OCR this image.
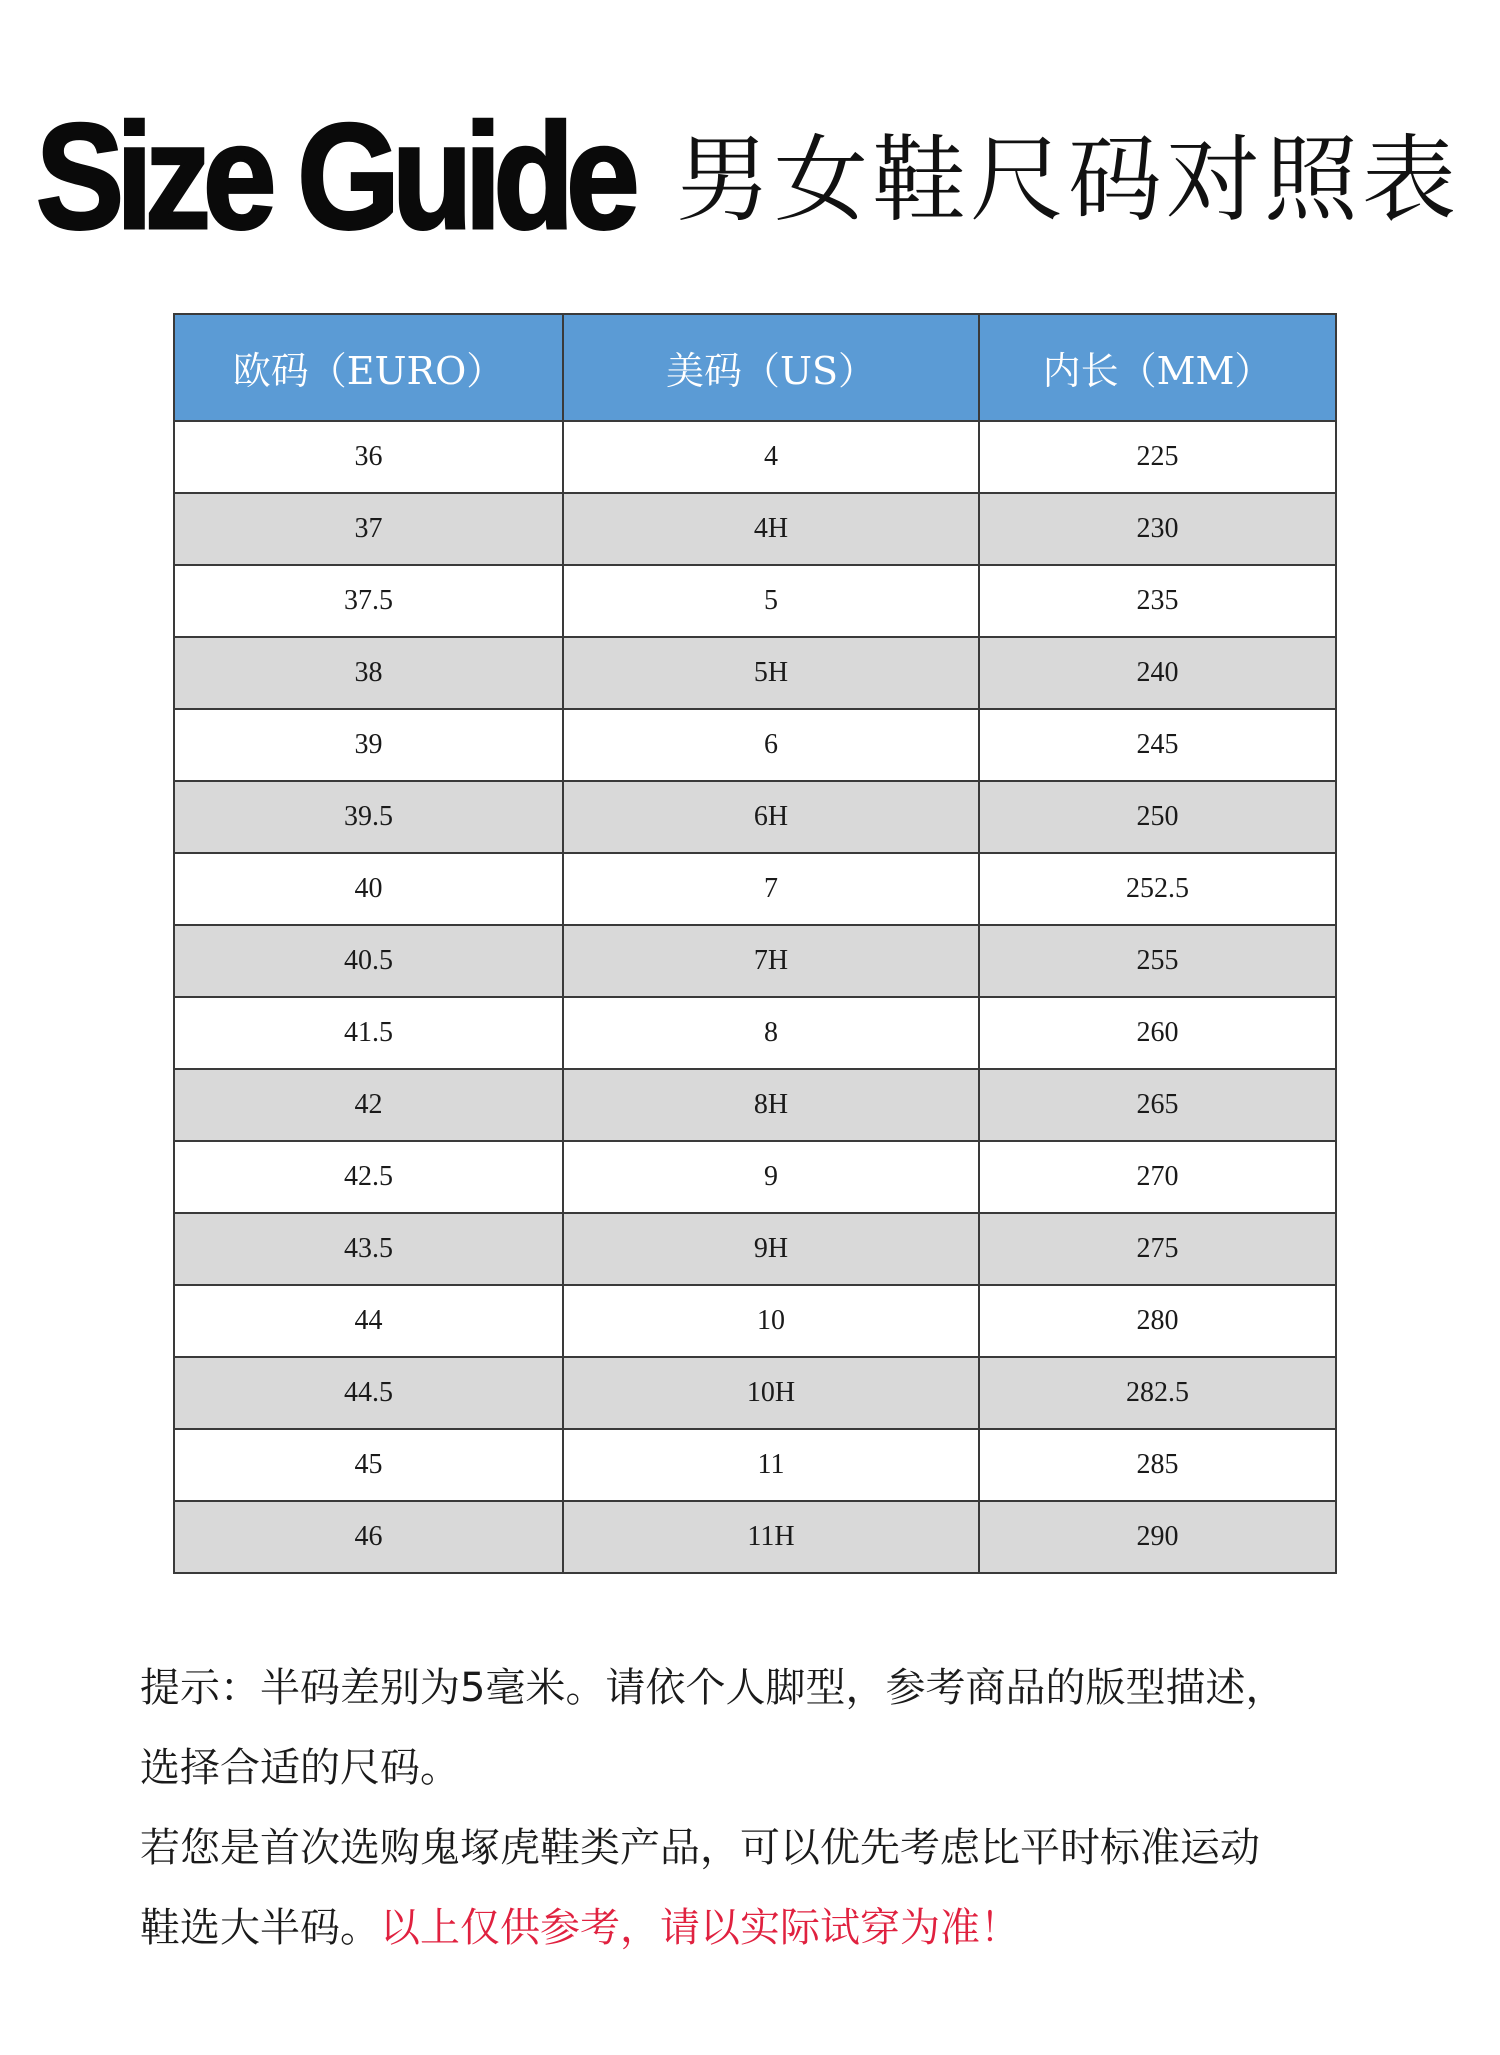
Size Guide 男女鞋尺码对照表
欧码（EURO）	美码（US）	内长（MM）
36	4	225
37	4H	230
37.5	5	235
38	5H	240
39	6	245
39.5	6H	250
40	7	252.5
40.5	7H	255
41.5	8	260
42	8H	265
42.5	9	270
43.5	9H	275
44	10	280
44.5	10H	282.5
45	11	285
46	11H	290

提示：半码差别为5毫米。请依个人脚型，参考商品的版型描述，

选择合适的尺码。

若您是首次选购鬼塚虎鞋类产品，可以优先考虑比平时标准运动

鞋选大半码。以上仅供参考，请以实际试穿为准！
